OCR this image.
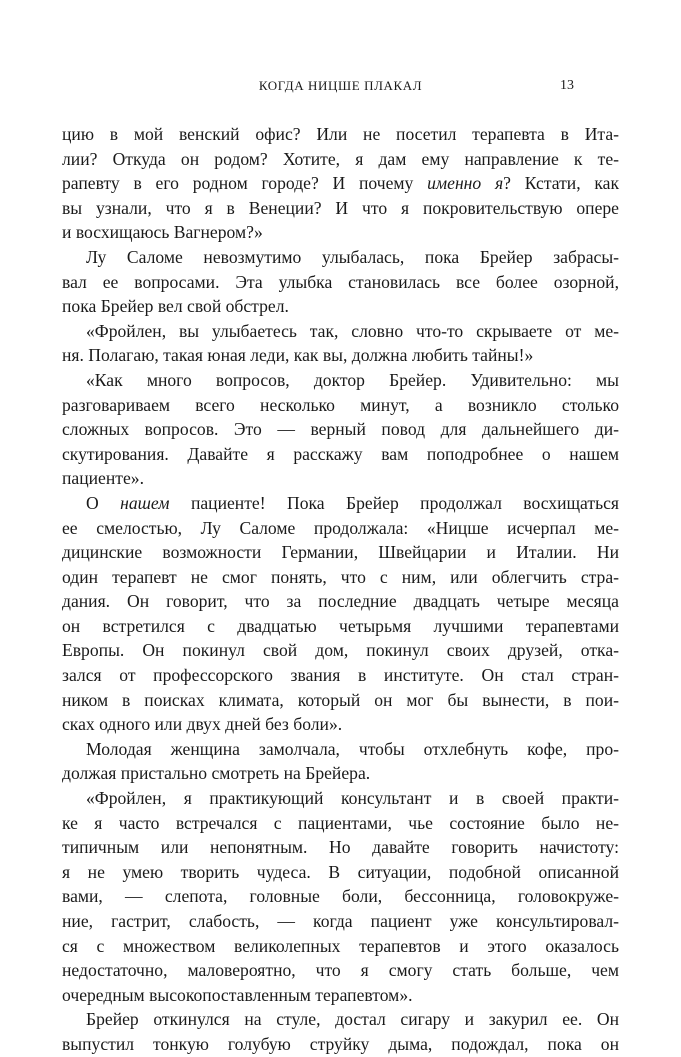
КОГДА НИЦШЕ ПЛАКАЛ	13
цию в мой венский офис? Или не посетил терапевта в Ита-
лии? Откуда он родом? Хотите, я дам ему направление к те-
рапевту в его родном городе? И почему именно я? Кстати, как
вы узнали, что я в Венеции? И что я покровительствую опере
и восхищаюсь Вагнером?»
Лу Саломе невозмутимо улыбалась, пока Брейер забрасы-
вал ее вопросами. Эта улыбка становилась все более озорной,
пока Брейер вел свой обстрел.
«Фройлен, вы улыбаетесь так, словно что-то скрываете от ме-
ня. Полагаю, такая юная леди, как вы, должна любить тайны!»
«Как много вопросов, доктор Брейер. Удивительно: мы
разговариваем всего несколько минут, а возникло столько
сложных вопросов. Это — верный повод для дальнейшего ди-
скутирования. Давайте я расскажу вам поподробнее о нашем
пациенте».
О нашем пациенте! Пока Брейер продолжал восхищаться
ее смелостью, Лу Саломе продолжала: «Ницше исчерпал ме-
дицинские возможности Германии, Швейцарии и Италии. Ни
один терапевт не смог понять, что с ним, или облегчить стра-
дания. Он говорит, что за последние двадцать четыре месяца
он встретился с двадцатью четырьмя лучшими терапевтами
Европы. Он покинул свой дом, покинул своих друзей, отка-
зался от профессорского звания в институте. Он стал стран-
ником в поисках климата, который он мог бы вынести, в пои-
сках одного или двух дней без боли».
Молодая женщина замолчала, чтобы отхлебнуть кофе, про-
должая пристально смотреть на Брейера.
«Фройлен, я практикующий консультант и в своей практи-
ке я часто встречался с пациентами, чье состояние было не-
типичным или непонятным. Но давайте говорить начистоту:
я не умею творить чудеса. В ситуации, подобной описанной
вами, — слепота, головные боли, бессонница, головокруже-
ние, гастрит, слабость, — когда пациент уже консультировал-
ся с множеством великолепных терапевтов и этого оказалось
недостаточно, маловероятно, что я смогу стать больше, чем
очередным высокопоставленным терапевтом».
Брейер откинулся на стуле, достал сигару и закурил ее. Он
выпустил тонкую голубую струйку дыма, подождал, пока он
